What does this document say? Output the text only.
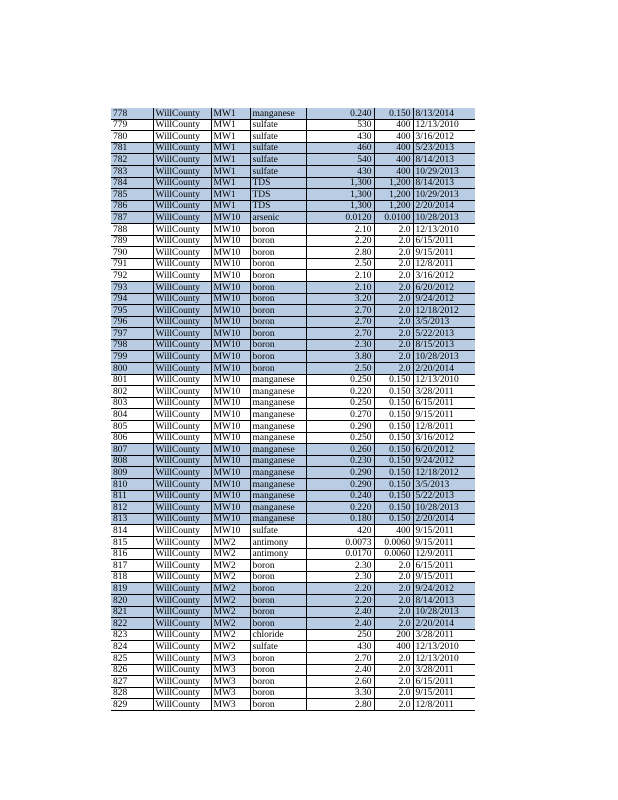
778	WillCounty	MW1	manganese	0.240	0.150	8/13/2014
779	WillCounty	MW1	sulfate	530	400	12/13/2010
780	WillCounty	MW1	sulfate	430	400	3/16/2012
781	WillCounty	MW1	sulfate	460	400	5/23/2013
782	WillCounty	MW1	sulfate	540	400	8/14/2013
783	WillCounty	MW1	sulfate	430	400	10/29/2013
784	WillCounty	MW1	TDS	1,300	1,200	8/14/2013
785	WillCounty	MW1	TDS	1,300	1,200	10/29/2013
786	WillCounty	MW1	TDS	1,300	1,200	2/20/2014
787	WillCounty	MW10	arsenic	0.0120	0.0100	10/28/2013
788	WillCounty	MW10	boron	2.10	2.0	12/13/2010
789	WillCounty	MW10	boron	2.20	2.0	6/15/2011
790	WillCounty	MW10	boron	2.80	2.0	9/15/2011
791	WillCounty	MW10	boron	2.50	2.0	12/8/2011
792	WillCounty	MW10	boron	2.10	2.0	3/16/2012
793	WillCounty	MW10	boron	2.10	2.0	6/20/2012
794	WillCounty	MW10	boron	3.20	2.0	9/24/2012
795	WillCounty	MW10	boron	2.70	2.0	12/18/2012
796	WillCounty	MW10	boron	2.70	2.0	3/5/2013
797	WillCounty	MW10	boron	2.70	2.0	5/22/2013
798	WillCounty	MW10	boron	2.30	2.0	8/15/2013
799	WillCounty	MW10	boron	3.80	2.0	10/28/2013
800	WillCounty	MW10	boron	2.50	2.0	2/20/2014
801	WillCounty	MW10	manganese	0.250	0.150	12/13/2010
802	WillCounty	MW10	manganese	0.220	0.150	3/28/2011
803	WillCounty	MW10	manganese	0.250	0.150	6/15/2011
804	WillCounty	MW10	manganese	0.270	0.150	9/15/2011
805	WillCounty	MW10	manganese	0.290	0.150	12/8/2011
806	WillCounty	MW10	manganese	0.250	0.150	3/16/2012
807	WillCounty	MW10	manganese	0.260	0.150	6/20/2012
808	WillCounty	MW10	manganese	0.230	0.150	9/24/2012
809	WillCounty	MW10	manganese	0.290	0.150	12/18/2012
810	WillCounty	MW10	manganese	0.290	0.150	3/5/2013
811	WillCounty	MW10	manganese	0.240	0.150	5/22/2013
812	WillCounty	MW10	manganese	0.220	0.150	10/28/2013
813	WillCounty	MW10	manganese	0.180	0.150	2/20/2014
814	WillCounty	MW10	sulfate	420	400	9/15/2011
815	WillCounty	MW2	antimony	0.0073	0.0060	9/15/2011
816	WillCounty	MW2	antimony	0.0170	0.0060	12/9/2011
817	WillCounty	MW2	boron	2.30	2.0	6/15/2011
818	WillCounty	MW2	boron	2.30	2.0	9/15/2011
819	WillCounty	MW2	boron	2.20	2.0	9/24/2012
820	WillCounty	MW2	boron	2.20	2.0	8/14/2013
821	WillCounty	MW2	boron	2.40	2.0	10/28/2013
822	WillCounty	MW2	boron	2.40	2.0	2/20/2014
823	WillCounty	MW2	chloride	250	200	3/28/2011
824	WillCounty	MW2	sulfate	430	400	12/13/2010
825	WillCounty	MW3	boron	2.70	2.0	12/13/2010
826	WillCounty	MW3	boron	2.40	2.0	3/28/2011
827	WillCounty	MW3	boron	2.60	2.0	6/15/2011
828	WillCounty	MW3	boron	3.30	2.0	9/15/2011
829	WillCounty	MW3	boron	2.80	2.0	12/8/2011
